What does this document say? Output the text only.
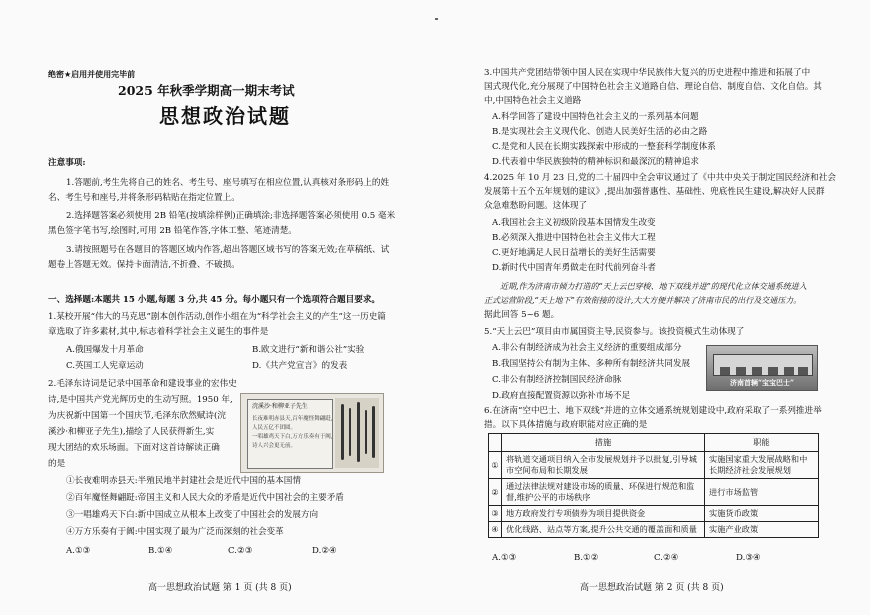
绝密★启用并使用完毕前
2025 年秋季学期高一期末考试
思想政治试题
注意事项:
1.答题前,考生先将自己的姓名、考生号、座号填写在相应位置,认真核对条形码上的姓
名、考生号和座号,并将条形码粘贴在指定位置上。
2.选择题答案必须使用 2B 铅笔(按填涂样例)正确填涂;非选择题答案必须使用 0.5 毫米
黑色签字笔书写,绘图时,可用 2B 铅笔作答,字体工整、笔迹清楚。
3.请按照题号在各题目的答题区域内作答,超出答题区域书写的答案无效;在草稿纸、试
题卷上答题无效。保持卡面清洁,不折叠、不破损。
一、选择题:本题共 15 小题,每题 3 分,共 45 分。每小题只有一个选项符合题目要求。
1.某校开展“伟大的马克思”剧本创作活动,创作小组在为“科学社会主义的产生”这一历史篇
章选取了许多素材,其中,标志着科学社会主义诞生的事件是
A.俄国爆发十月革命	B.欧文进行“新和谐公社”实验
C.英国工人宪章运动	D.《共产党宣言》的发表
2.毛泽东诗词是记录中国革命和建设事业的宏伟史
诗,是中国共产党光辉历史的生动写照。1950 年,
为庆祝新中国第一个国庆节,毛泽东欣然赋诗(浣
溪沙·和柳亚子先生),描绘了人民获得新生,实
现大团结的欢乐场面。下面对这首诗解读正确
的是
浣溪沙·和柳亚子先生
长夜难明赤县天,百年魔怪舞翩跹,
人民五亿不团圆。
一唱雄鸡天下白,万方乐奏有于阗,
诗人兴会更无前。
①长夜难明赤县天:半殖民地半封建社会是近代中国的基本国情
②百年魔怪舞翩跹:帝国主义和人民大众的矛盾是近代中国社会的主要矛盾
③一唱雄鸡天下白:新中国成立从根本上改变了中国社会的发展方向
④万方乐奏有于阗:中国实现了最为广泛而深刻的社会变革
A.①③	B.①④	C.②③	D.②④
高一思想政治试题 第 1 页 (共 8 页)
3.中国共产党团结带领中国人民在实现中华民族伟大复兴的历史进程中推进和拓展了中
国式现代化,充分展现了中国特色社会主义道路自信、理论自信、制度自信、文化自信。其
中,中国特色社会主义道路
A.科学回答了建设中国特色社会主义的一系列基本问题
B.是实现社会主义现代化、创造人民美好生活的必由之路
C.是党和人民在长期实践探索中形成的一整套科学制度体系
D.代表着中华民族独特的精神标识和最深沉的精神追求
4.2025 年 10 月 23 日,党的二十届四中全会审议通过了《中共中央关于制定国民经济和社会
发展第十五个五年规划的建议》,提出加强普惠性、基础性、兜底性民生建设,解决好人民群
众急难愁盼问题。这体现了
A.我国社会主义初级阶段基本国情发生改变
B.必须深入推进中国特色社会主义伟大工程
C.更好地满足人民日益增长的美好生活需要
D.新时代中国青年勇做走在时代前列奋斗者
近期,作为济南市倾力打造的“天上云巴穿梭、地下双线并进”的现代化立体交通系统进入
正式运营阶段,“天上地下”有效衔接的设计,大大方便并解决了济南市民的出行及交通压力。
据此回答 5~6 题。
5.“天上云巴”项目由市属国资主导,民资参与。该投资模式生动体现了
A.非公有制经济成为社会主义经济的重要组成部分
B.我国坚持公有制为主体、多种所有制经济共同发展
C.非公有制经济控制国民经济命脉
D.政府直接配置资源以弥补市场不足
济南首辆“宝宝巴士”
6.在济南“空中巴士、地下双线”并进的立体交通系统规划建设中,政府采取了一系列推进举
措。以下具体措施与政府职能对应正确的是
	措施	职能
①	将轨道交通项目纳入全市发展规划并予以批复,引导城市空间布局和长期发展	实施国家重大发展战略和中长期经济社会发展规划
②	通过法律法规对建设市场的质量、环保进行规范和监督,维护公平的市场秩序	进行市场监管
③	地方政府发行专项债券为项目提供资金	实施货币政策
④	优化线路、站点等方案,提升公共交通的覆盖面和质量	实施产业政策
A.①③	B.①②	C.②④	D.③④
高一思想政治试题 第 2 页 (共 8 页)
